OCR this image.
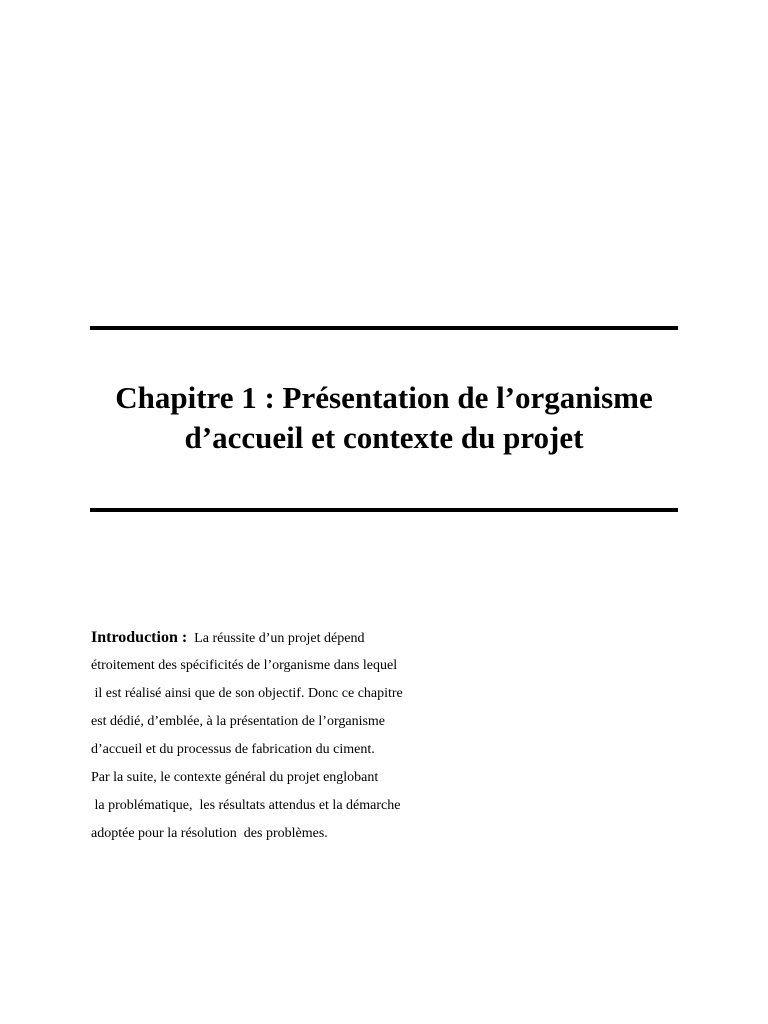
Chapitre 1 : Présentation de l’organisme
d’accueil et contexte du projet
Introduction :  La réussite d’un projet dépend
étroitement des spécificités de l’organisme dans lequel
il est réalisé ainsi que de son objectif. Donc ce chapitre
est dédié, d’emblée, à la présentation de l’organisme
d’accueil et du processus de fabrication du ciment.
Par la suite, le contexte général du projet englobant
la problématique,  les résultats attendus et la démarche
adoptée pour la résolution  des problèmes.
